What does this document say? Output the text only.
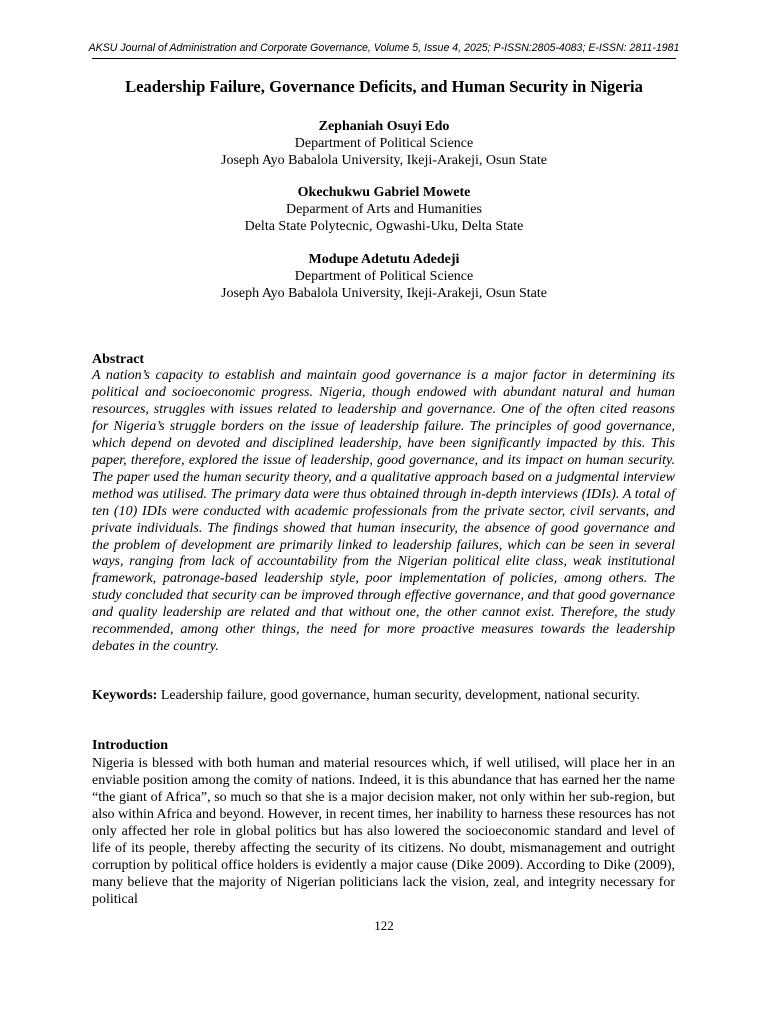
AKSU Journal of Administration and Corporate Governance, Volume 5, Issue 4, 2025; P-ISSN:2805-4083; E-ISSN: 2811-1981
Leadership Failure, Governance Deficits, and Human Security in Nigeria
Zephaniah Osuyi Edo
Department of Political Science
Joseph Ayo Babalola University, Ikeji-Arakeji, Osun State
Okechukwu Gabriel Mowete
Deparment of Arts and Humanities
Delta State Polytecnic, Ogwashi-Uku, Delta State
Modupe Adetutu Adedeji
Department of Political Science
Joseph Ayo Babalola University, Ikeji-Arakeji, Osun State
Abstract
A nation’s capacity to establish and maintain good governance is a major factor in determining its political and socioeconomic progress. Nigeria, though endowed with abundant natural and human resources, struggles with issues related to leadership and governance. One of the often cited reasons for Nigeria’s struggle borders on the issue of leadership failure. The principles of good governance, which depend on devoted and disciplined leadership, have been significantly impacted by this. This paper, therefore, explored the issue of leadership, good governance, and its impact on human security. The paper used the human security theory, and a qualitative approach based on a judgmental interview method was utilised. The primary data were thus obtained through in-depth interviews (IDIs). A total of ten (10) IDIs were conducted with academic professionals from the private sector, civil servants, and private individuals. The findings showed that human insecurity, the absence of good governance and the problem of development are primarily linked to leadership failures, which can be seen in several ways, ranging from lack of accountability from the Nigerian political elite class, weak institutional framework, patronage-based leadership style, poor implementation of policies, among others. The study concluded that security can be improved through effective governance, and that good governance and quality leadership are related and that without one, the other cannot exist. Therefore, the study recommended, among other things, the need for more proactive measures towards the leadership debates in the country.
Keywords: Leadership failure, good governance, human security, development, national security.
Introduction
Nigeria is blessed with both human and material resources which, if well utilised, will place her in an enviable position among the comity of nations. Indeed, it is this abundance that has earned her the name “the giant of Africa”, so much so that she is a major decision maker, not only within her sub-region, but also within Africa and beyond. However, in recent times, her inability to harness these resources has not only affected her role in global politics but has also lowered the socioeconomic standard and level of life of its people, thereby affecting the security of its citizens. No doubt, mismanagement and outright corruption by political office holders is evidently a major cause (Dike 2009). According to Dike (2009), many believe that the majority of Nigerian politicians lack the vision, zeal, and integrity necessary for political
122
